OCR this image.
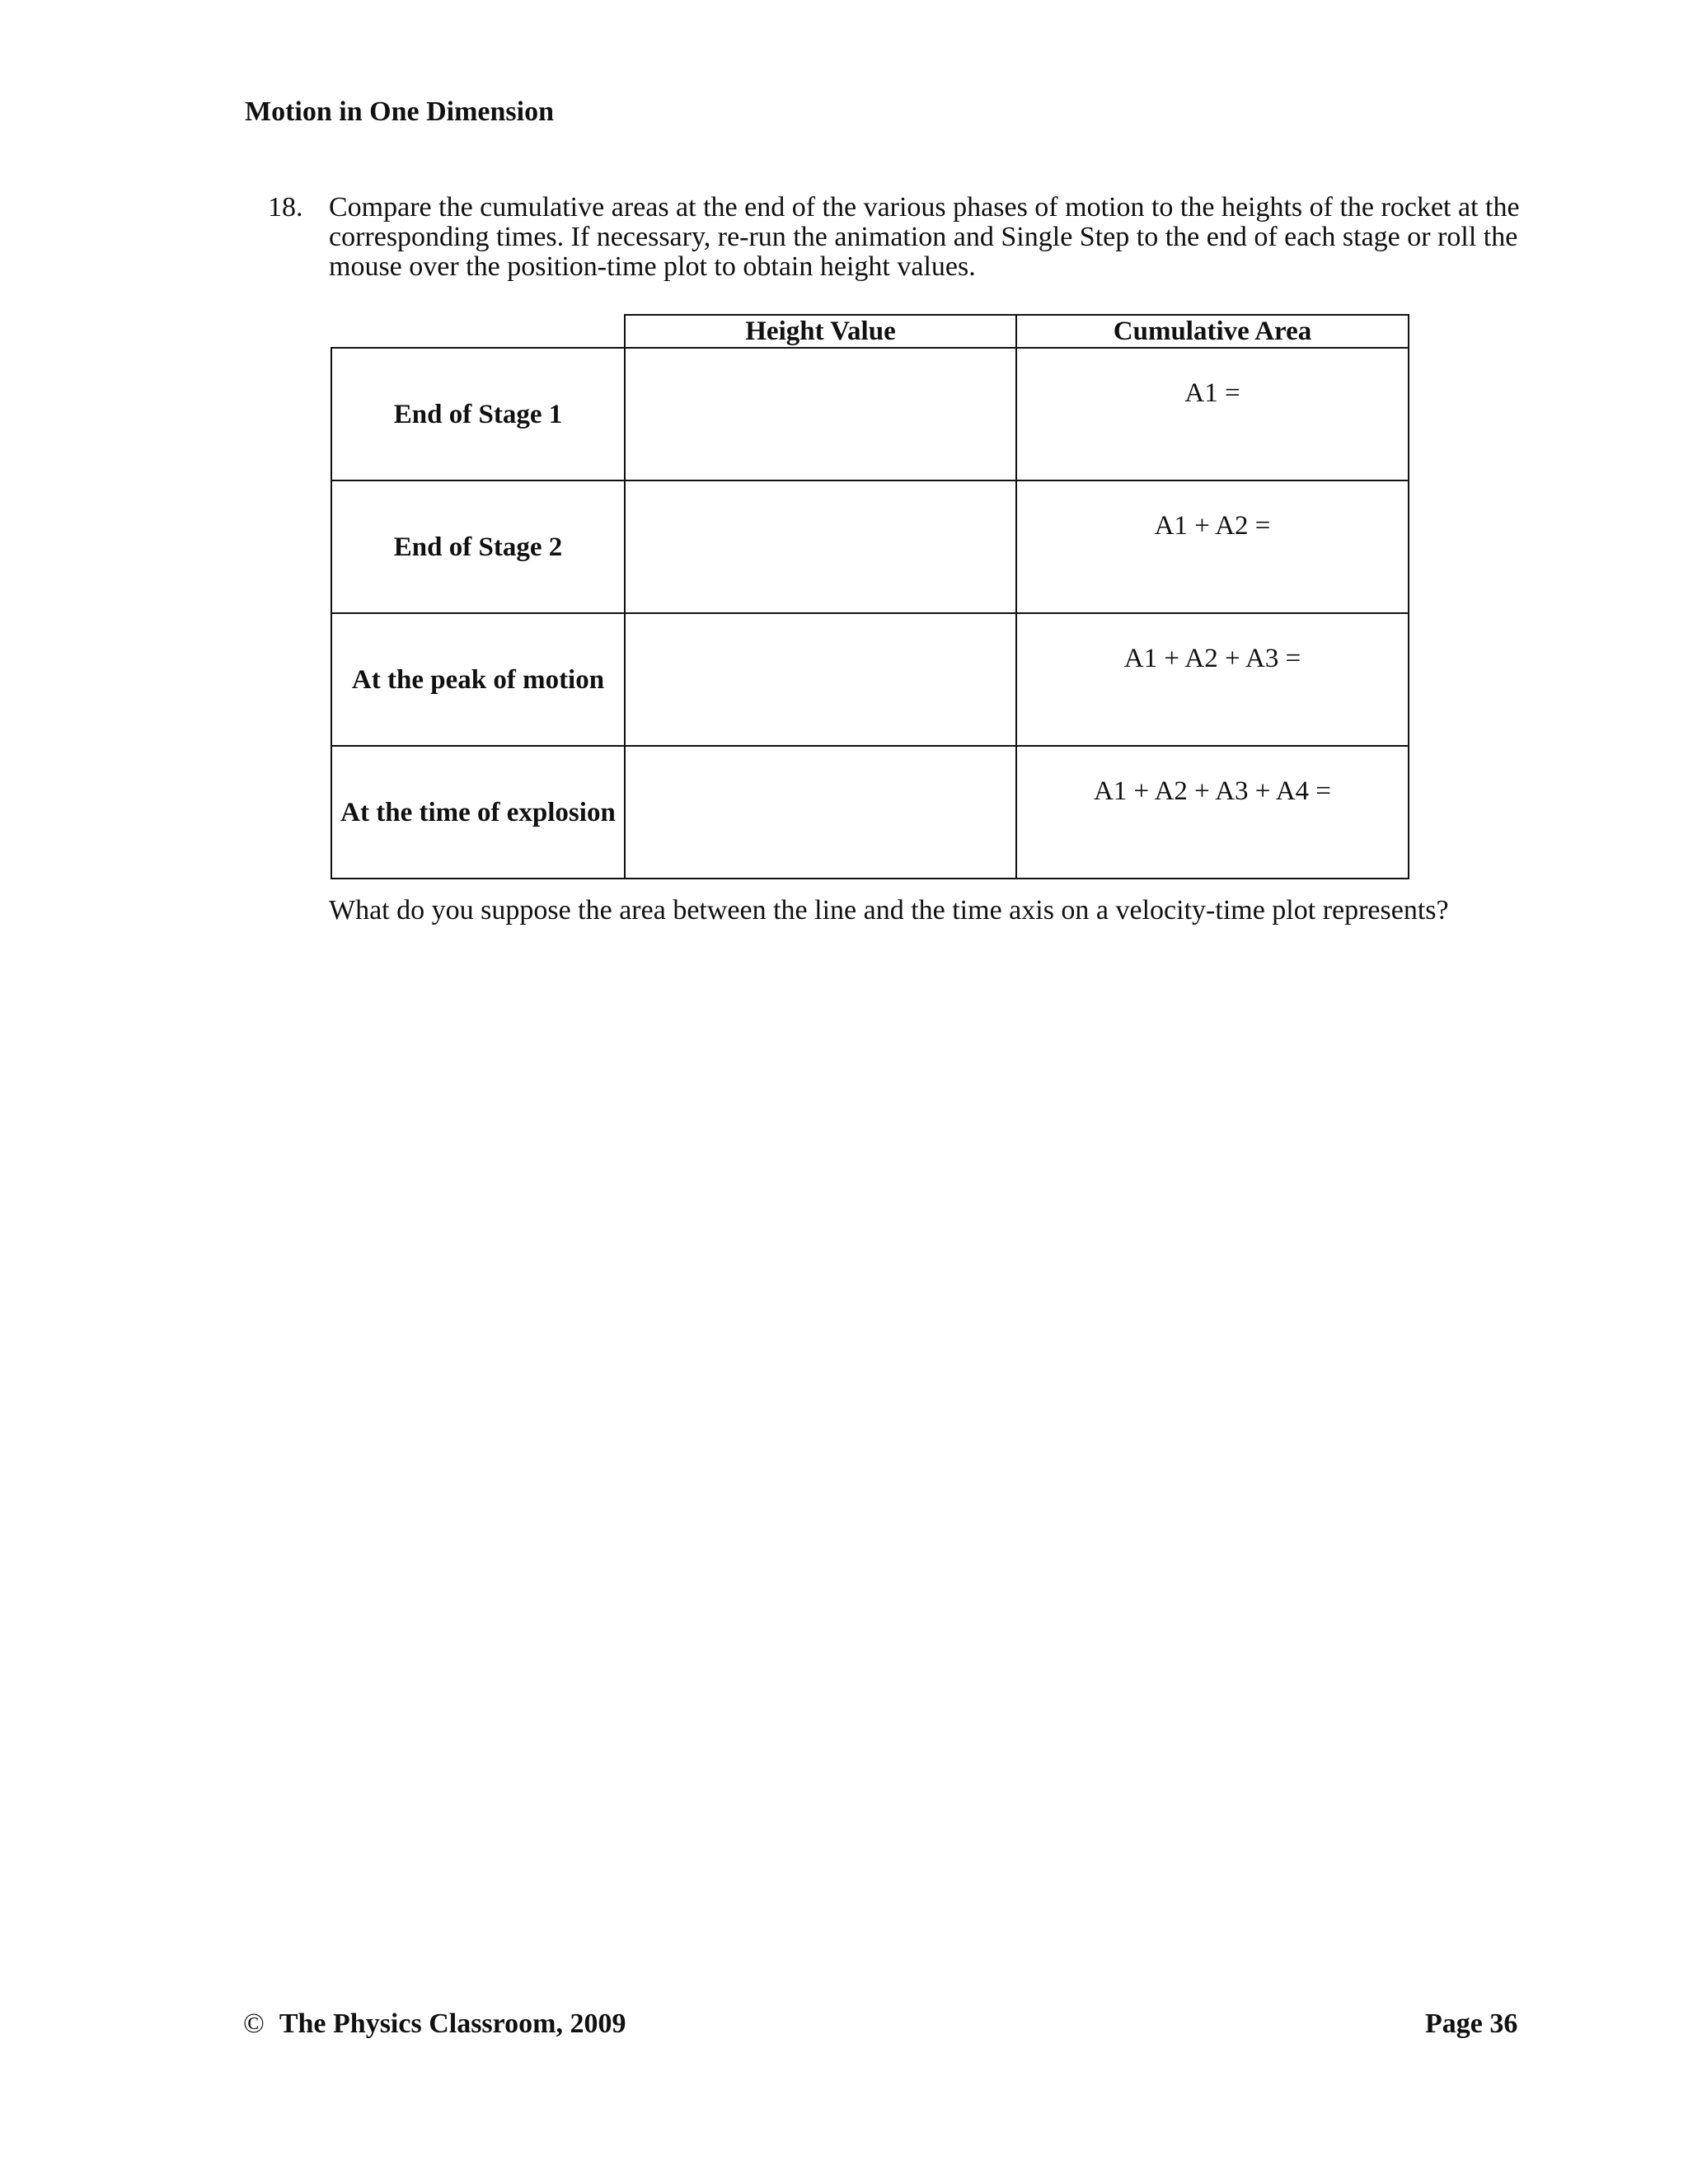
Motion in One Dimension
18. Compare the cumulative areas at the end of the various phases of motion to the heights of the rocket at the corresponding times. If necessary, re-run the animation and Single Step to the end of each stage or roll the mouse over the position-time plot to obtain height values.
Height Value	Cumulative Area
End of Stage 1
A1 =
End of Stage 2
A1 + A2 =
At the peak of motion
A1 + A2 + A3 =
At the time of explosion
A1 + A2 + A3 + A4 =
What do you suppose the area between the line and the time axis on a velocity-time plot represents?
© The Physics Classroom, 2009	Page 36
